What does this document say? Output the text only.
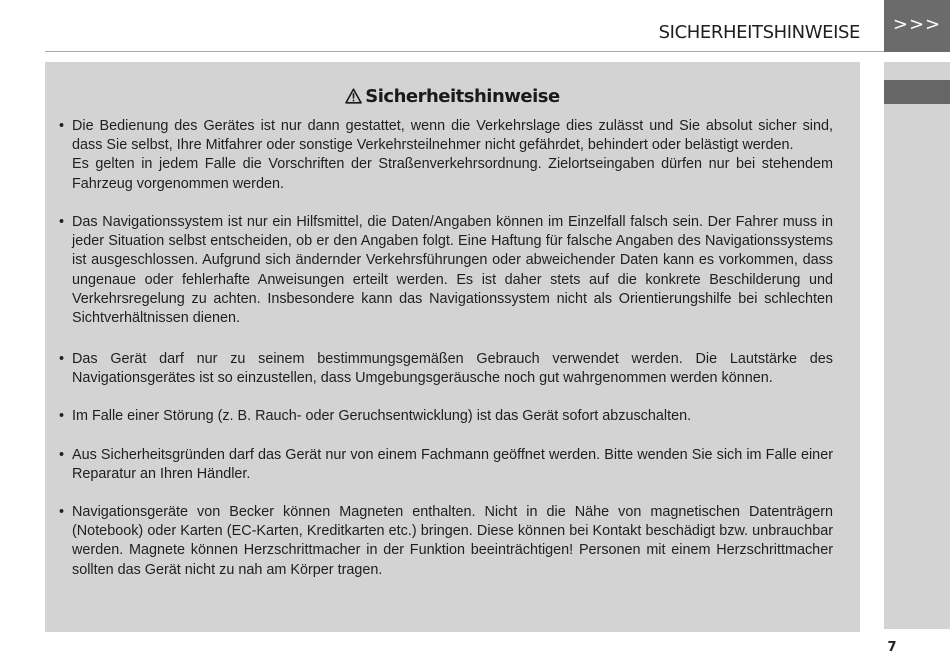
SICHERHEITSHINWEISE	>>>
Sicherheitshinweise
• Die Bedienung des Gerätes ist nur dann gestattet, wenn die Verkehrslage dies zulässt und Sie absolut sicher sind, dass Sie selbst, Ihre Mitfahrer oder sonstige Verkehrsteilnehmer nicht gefährdet, behindert oder belästigt werden.

Es gelten in jedem Falle die Vorschriften der Straßenverkehrsordnung. Zielortseingaben dürfen nur bei stehendem Fahrzeug vorgenommen werden.

• Das Navigationssystem ist nur ein Hilfsmittel, die Daten/Angaben können im Einzelfall falsch sein. Der Fahrer muss in jeder Situation selbst entscheiden, ob er den Angaben folgt. Eine Haftung für falsche Angaben des Navigationssystems ist ausgeschlossen. Aufgrund sich ändernder Verkehrsführungen oder abweichender Daten kann es vorkommen, dass ungenaue oder fehlerhafte Anweisungen erteilt werden. Es ist daher stets auf die konkrete Beschilderung und Verkehrsregelung zu achten. Insbesondere kann das Navigationssystem nicht als Orientierungshilfe bei schlechten Sichtverhältnissen dienen.

• Das Gerät darf nur zu seinem bestimmungsgemäßen Gebrauch verwendet werden. Die Lautstärke des Navigationsgerätes ist so einzustellen, dass Umgebungsgeräusche noch gut wahrgenommen werden können.

• Im Falle einer Störung (z. B. Rauch- oder Geruchsentwicklung) ist das Gerät sofort abzuschalten.

• Aus Sicherheitsgründen darf das Gerät nur von einem Fachmann geöffnet werden. Bitte wenden Sie sich im Falle einer Reparatur an Ihren Händler.

• Navigationsgeräte von Becker können Magneten enthalten. Nicht in die Nähe von magnetischen Datenträgern (Notebook) oder Karten (EC-Karten, Kreditkarten etc.) bringen. Diese können bei Kontakt beschädigt bzw. unbrauchbar werden. Magnete können Herzschrittmacher in der Funktion beeinträchtigen! Personen mit einem Herzschrittmacher sollten das Gerät nicht zu nah am Körper tragen.

7
